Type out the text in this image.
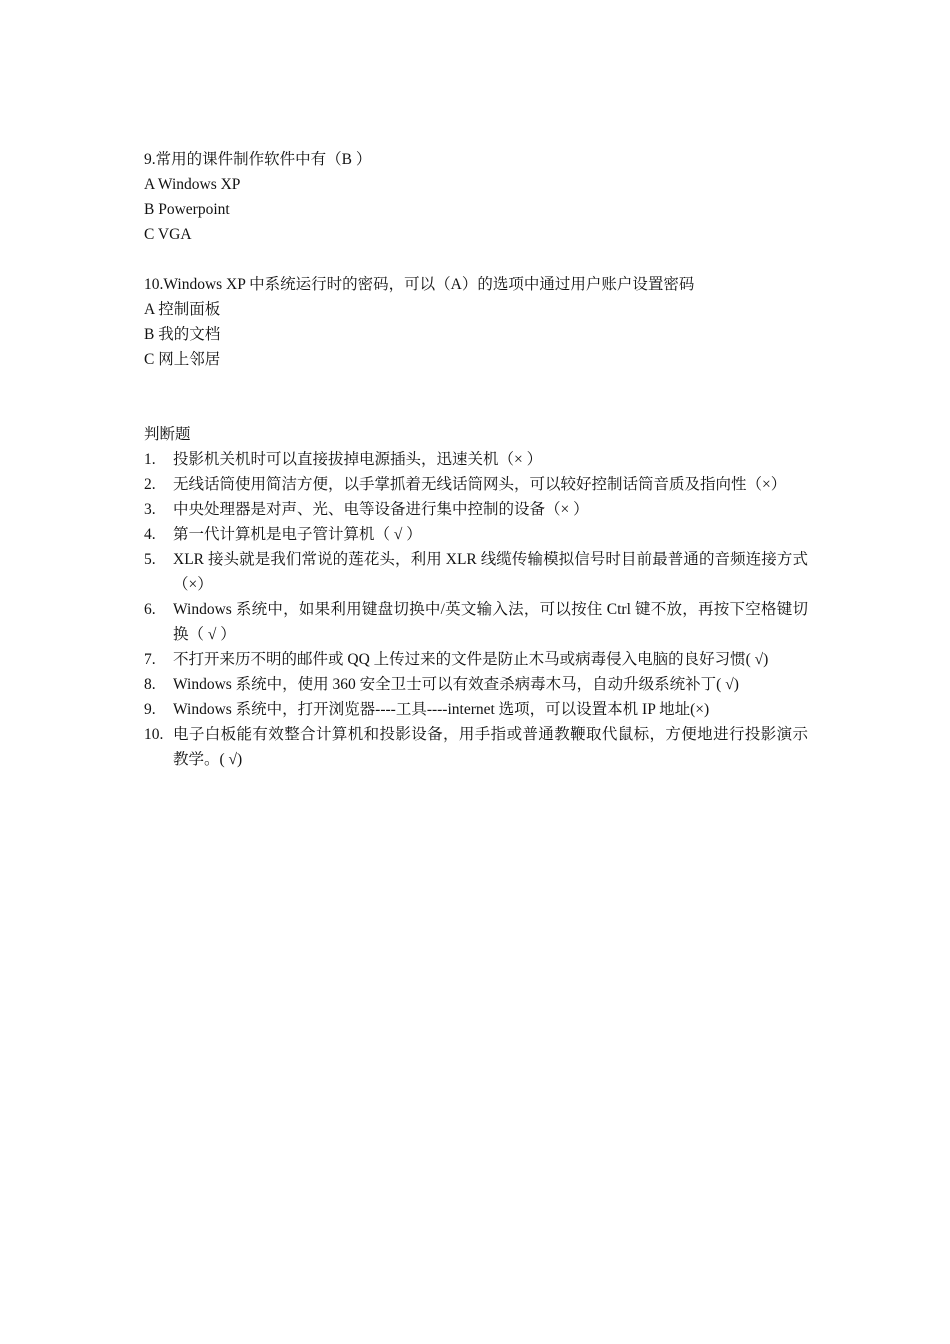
9.常用的课件制作软件中有（B ）
A Windows XP
B Powerpoint
C VGA
10.Windows XP 中系统运行时的密码，可以（A）的选项中通过用户账户设置密码
A 控制面板
B 我的文档
C 网上邻居
判断题
1. 投影机关机时可以直接拔掉电源插头，迅速关机（× ）
2. 无线话筒使用简洁方便，以手掌抓着无线话筒网头，可以较好控制话筒音质及指向性（×）
3. 中央处理器是对声、光、电等设备进行集中控制的设备（× ）
4. 第一代计算机是电子管计算机（ √ ）
5. XLR 接头就是我们常说的莲花头，利用 XLR 线缆传输模拟信号时目前最普通的音频连接方式（×）
6. Windows 系统中，如果利用键盘切换中/英文输入法，可以按住 Ctrl 键不放，再按下空格键切换（ √ ）
7. 不打开来历不明的邮件或 QQ 上传过来的文件是防止木马或病毒侵入电脑的良好习惯( √)
8. Windows 系统中，使用 360 安全卫士可以有效查杀病毒木马，自动升级系统补丁( √)
9. Windows 系统中，打开浏览器----工具----internet 选项，可以设置本机 IP 地址(×)
10. 电子白板能有效整合计算机和投影设备，用手指或普通教鞭取代鼠标，方便地进行投影演示教学。( √)
